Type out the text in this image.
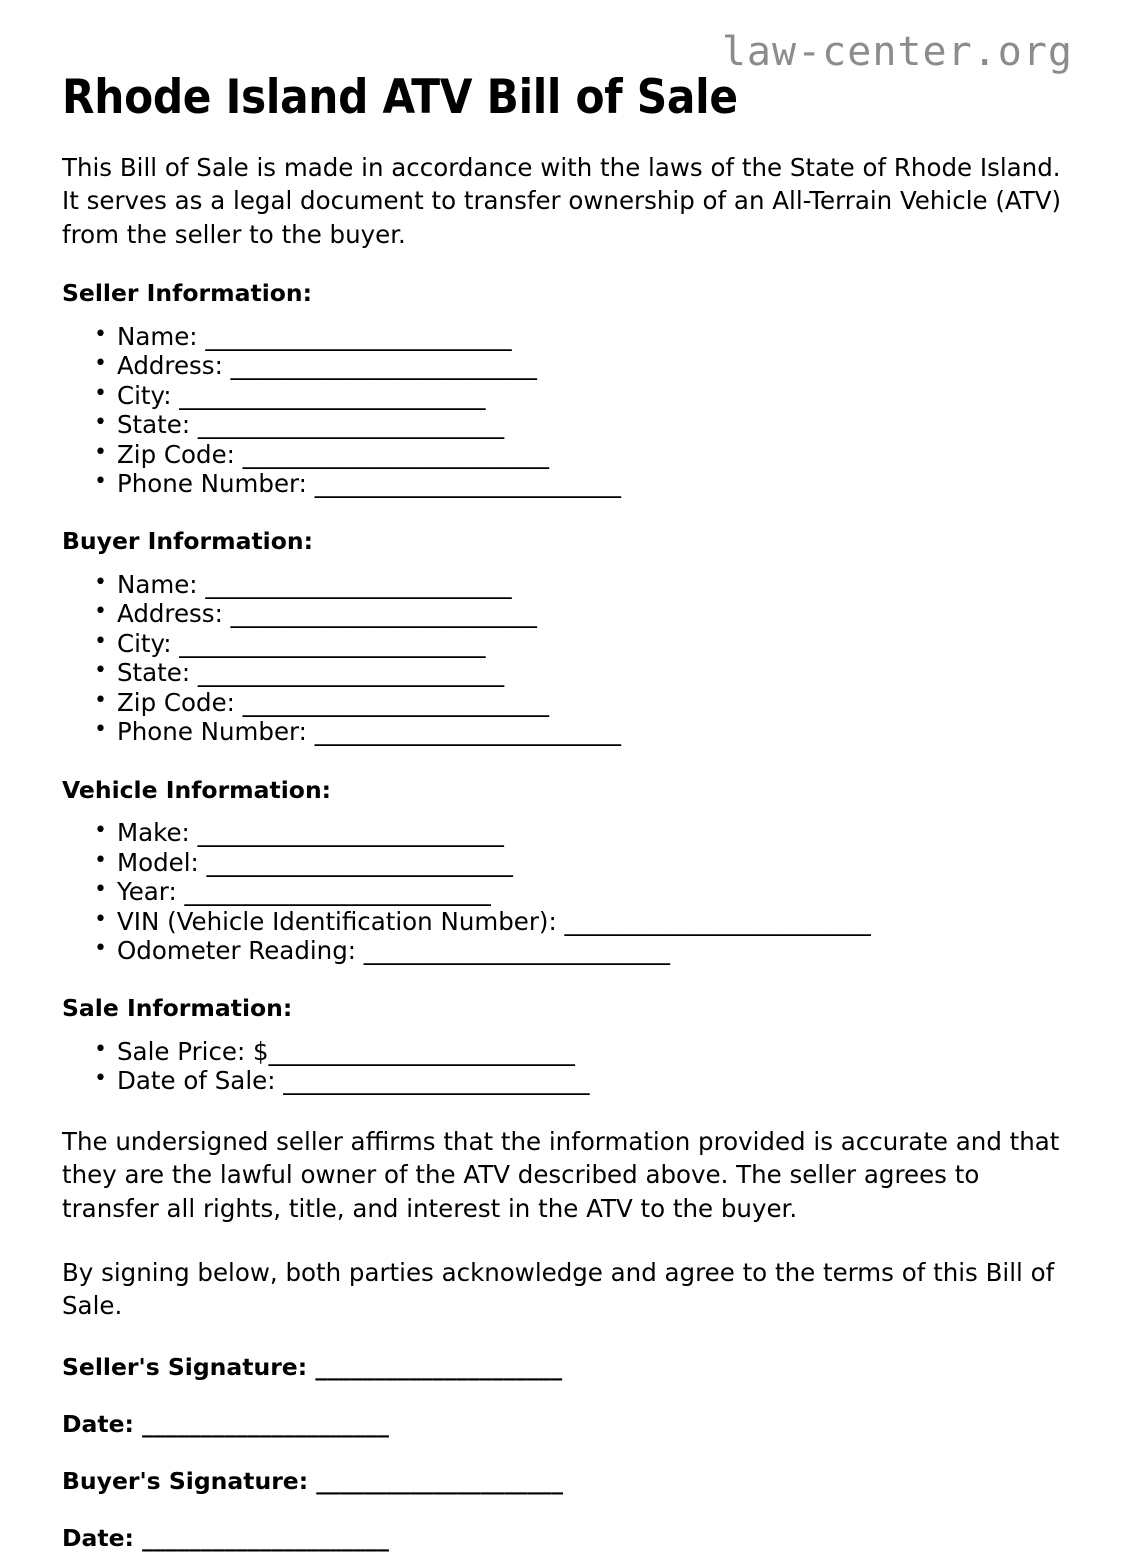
law-center.org
Rhode Island ATV Bill of Sale

This Bill of Sale is made in accordance with the laws of the State of Rhode Island. It serves as a legal document to transfer ownership of an All-Terrain Vehicle (ATV) from the seller to the buyer.

Seller Information:
• Name: _________________________
• Address: _________________________
• City: _________________________
• State: _________________________
• Zip Code: _________________________
• Phone Number: _________________________
Buyer Information:
• Name: _________________________
• Address: _________________________
• City: _________________________
• State: _________________________
• Zip Code: _________________________
• Phone Number: _________________________
Vehicle Information:
• Make: _________________________
• Model: _________________________
• Year: _________________________
• VIN (Vehicle Identification Number): _________________________
• Odometer Reading: _________________________
Sale Information:
• Sale Price: $_________________________
• Date of Sale: _________________________

The undersigned seller affirms that the information provided is accurate and that they are the lawful owner of the ATV described above. The seller agrees to transfer all rights, title, and interest in the ATV to the buyer.

By signing below, both parties acknowledge and agree to the terms of this Bill of Sale.

Seller's Signature: _____________________
Date: _____________________
Buyer's Signature: _____________________
Date: _____________________
